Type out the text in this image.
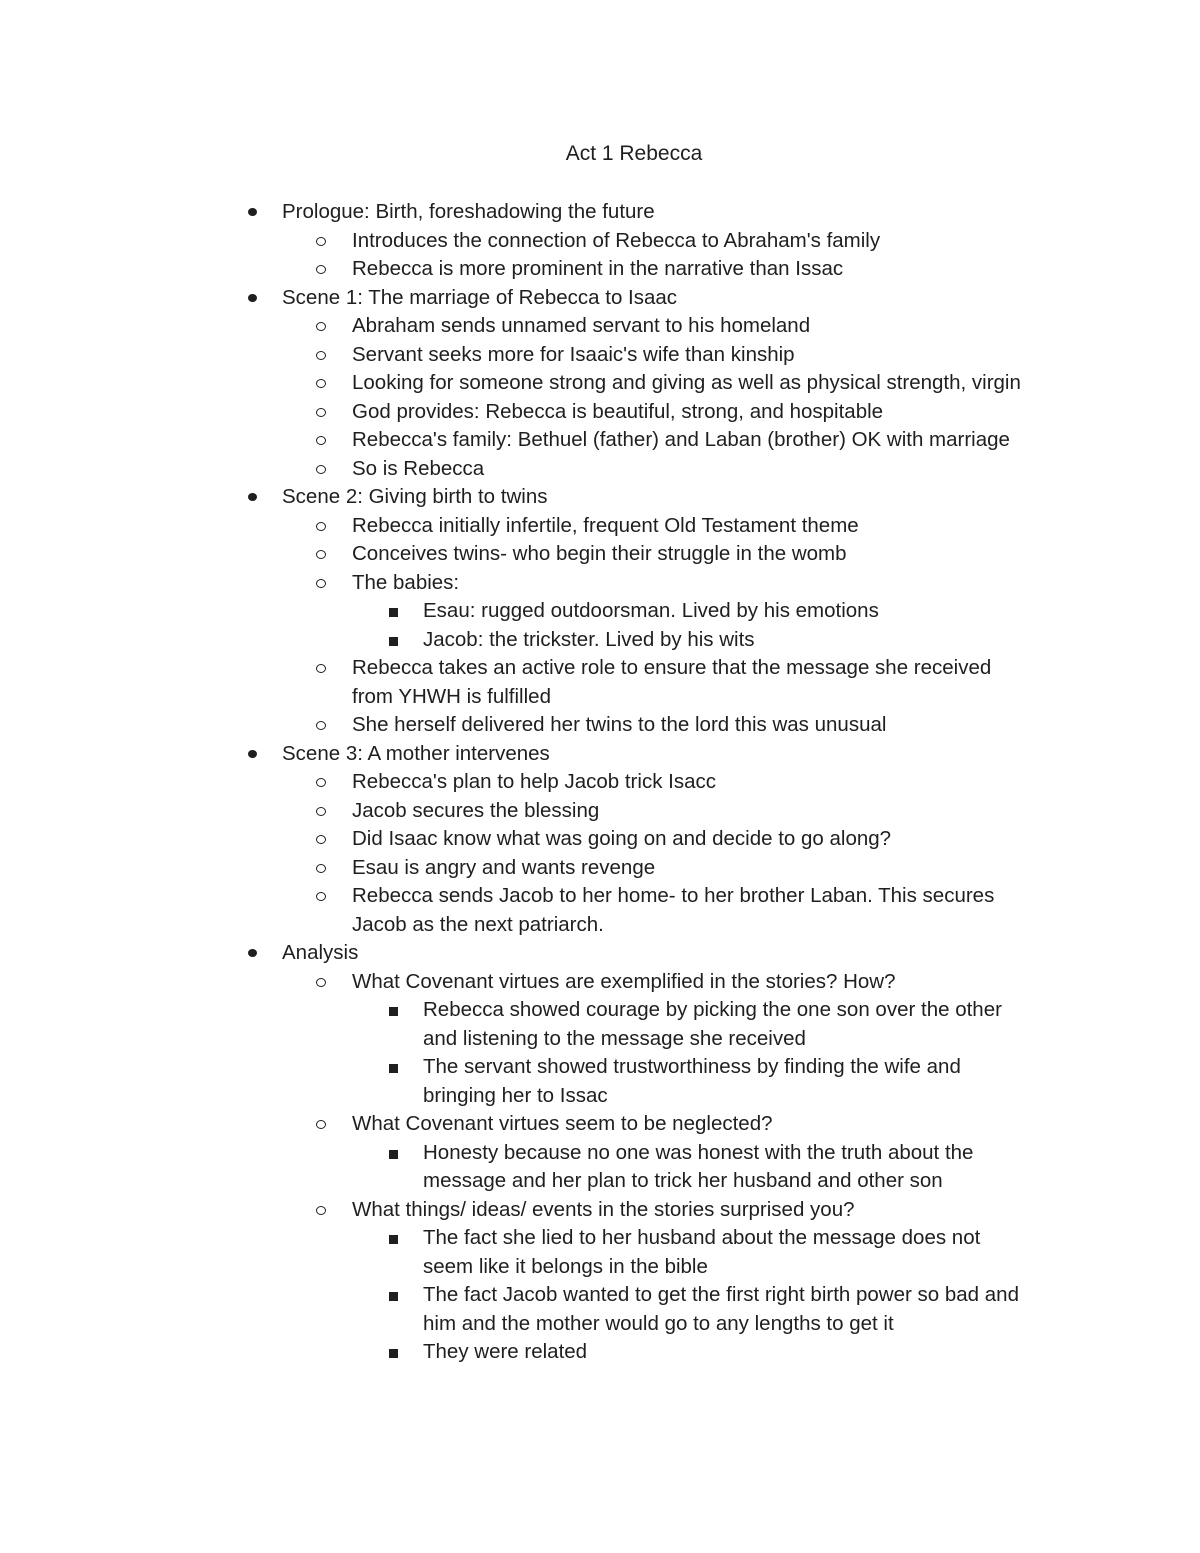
Act 1 Rebecca
Prologue: Birth, foreshadowing the future
Introduces the connection of Rebecca to Abraham's family
Rebecca is more prominent in the narrative than Issac
Scene 1: The marriage of Rebecca to Isaac
Abraham sends unnamed servant to his homeland
Servant seeks more for Isaaic's wife than kinship
Looking for someone strong and giving as well as physical strength, virgin
God provides: Rebecca is beautiful, strong, and hospitable
Rebecca's family: Bethuel (father) and Laban (brother) OK with marriage
So is Rebecca
Scene 2: Giving birth to twins
Rebecca initially infertile, frequent Old Testament theme
Conceives twins- who begin their struggle in the womb
The babies:
Esau: rugged outdoorsman. Lived by his emotions
Jacob: the trickster. Lived by his wits
Rebecca takes an active role to ensure that the message she received
from YHWH is fulfilled
She herself delivered her twins to the lord this was unusual
Scene 3: A mother intervenes
Rebecca's plan to help Jacob trick Isacc
Jacob secures the blessing
Did Isaac know what was going on and decide to go along?
Esau is angry and wants revenge
Rebecca sends Jacob to her home- to her brother Laban. This secures
Jacob as the next patriarch.
Analysis
What Covenant virtues are exemplified in the stories? How?
Rebecca showed courage by picking the one son over the other
and listening to the message she received
The servant showed trustworthiness by finding the wife and
bringing her to Issac
What Covenant virtues seem to be neglected?
Honesty because no one was honest with the truth about the
message and her plan to trick her husband and other son
What things/ ideas/ events in the stories surprised you?
The fact she lied to her husband about the message does not
seem like it belongs in the bible
The fact Jacob wanted to get the first right birth power so bad and
him and the mother would go to any lengths to get it
They were related
